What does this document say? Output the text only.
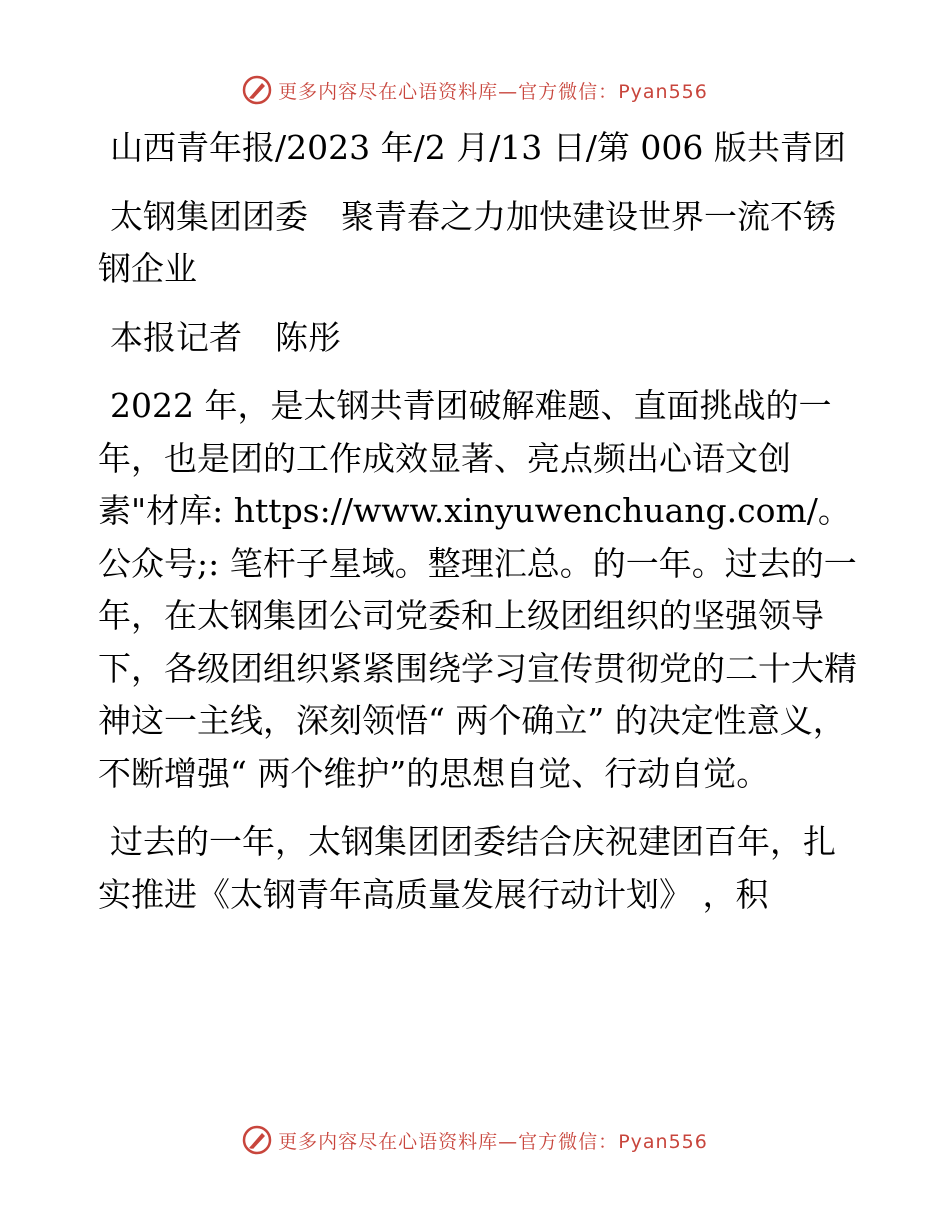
更多内容尽在心语资料库—官方微信：Pyan556

山西青年报/2023 年/2 月/13 日/第 006 版共青团

太钢集团团委　聚青春之力加快建设世界一流不锈钢企业

本报记者　陈彤

2022 年，是太钢共青团破解难题、直面挑战的一年，也是团的工作成效显著、亮点频出心语文创素"材库: https://www.xinyuwenchuang.com/。公众号;: 笔杆子星域。整理汇总。的一年。过去的一年，在太钢集团公司党委和上级团组织的坚强领导下，各级团组织紧紧围绕学习宣传贯彻党的二十大精神这一主线，深刻领悟“ 两个确立” 的决定性意义，不断增强“ 两个维护”的思想自觉、行动自觉。

过去的一年，太钢集团团委结合庆祝建团百年，扎实推进《太钢青年高质量发展行动计划》 ，积

更多内容尽在心语资料库—官方微信：Pyan556
